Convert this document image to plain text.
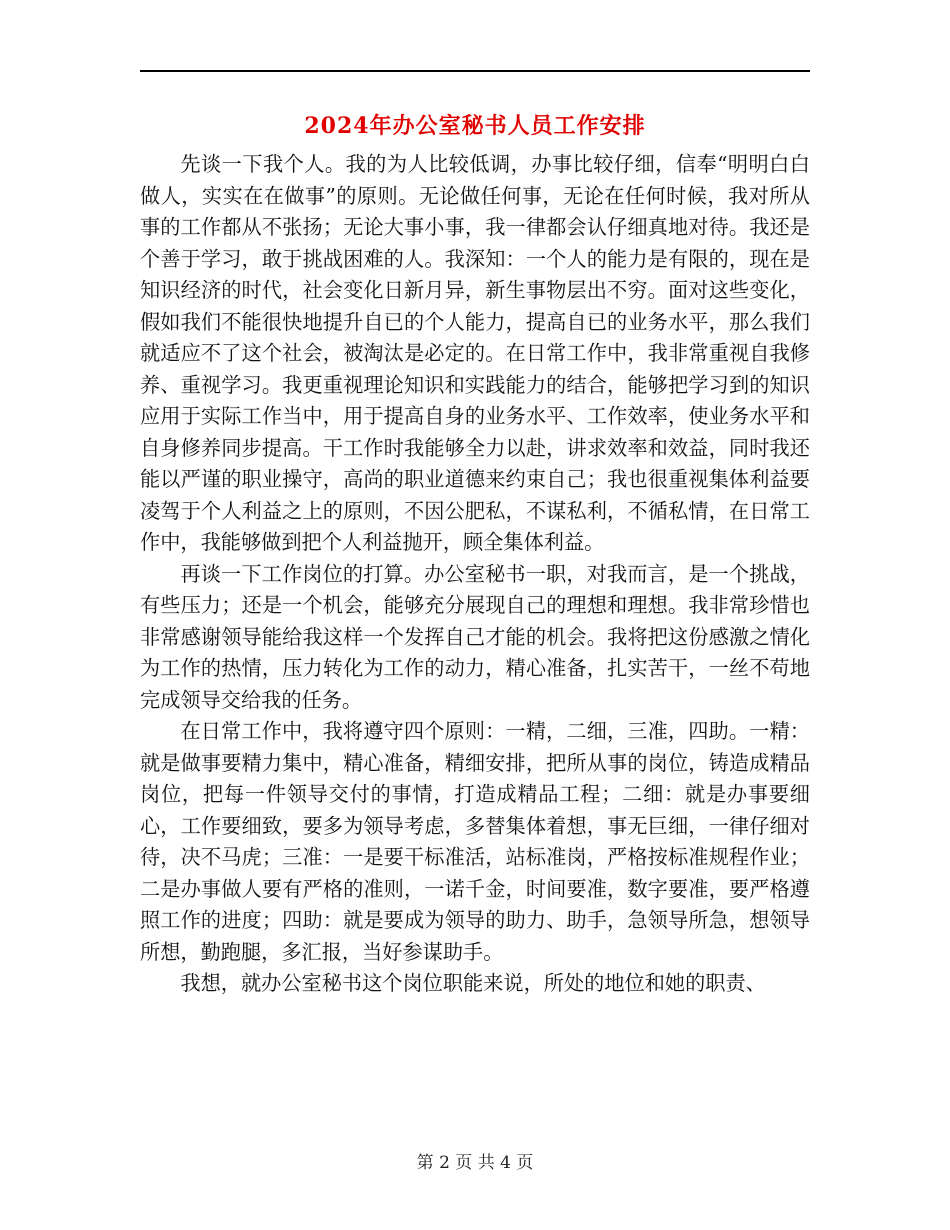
2024年办公室秘书人员工作安排

先谈一下我个人。我的为人比较低调，办事比较仔细，信奉“明明白白做人，实实在在做事”的原则。无论做任何事，无论在任何时候，我对所从事的工作都从不张扬；无论大事小事，我一律都会认仔细真地对待。我还是个善于学习，敢于挑战困难的人。我深知：一个人的能力是有限的，现在是知识经济的时代，社会变化日新月异，新生事物层出不穷。面对这些变化，假如我们不能很快地提升自已的个人能力，提高自已的业务水平，那么我们就适应不了这个社会，被淘汰是必定的。在日常工作中，我非常重视自我修养、重视学习。我更重视理论知识和实践能力的结合，能够把学习到的知识应用于实际工作当中，用于提高自身的业务水平、工作效率，使业务水平和自身修养同步提高。干工作时我能够全力以赴，讲求效率和效益，同时我还能以严谨的职业操守，高尚的职业道德来约束自己；我也很重视集体利益要凌驾于个人利益之上的原则，不因公肥私，不谋私利，不循私情，在日常工作中，我能够做到把个人利益抛开，顾全集体利益。

再谈一下工作岗位的打算。办公室秘书一职，对我而言，是一个挑战，有些压力；还是一个机会，能够充分展现自己的理想和理想。我非常珍惜也非常感谢领导能给我这样一个发挥自己才能的机会。我将把这份感激之情化为工作的热情，压力转化为工作的动力，精心准备，扎实苦干，一丝不苟地完成领导交给我的任务。

在日常工作中，我将遵守四个原则：一精，二细，三准，四助。一精：就是做事要精力集中，精心准备，精细安排，把所从事的岗位，铸造成精品岗位，把每一件领导交付的事情，打造成精品工程；二细：就是办事要细心，工作要细致，要多为领导考虑，多替集体着想，事无巨细，一律仔细对待，决不马虎；三准：一是要干标准活，站标准岗，严格按标准规程作业；二是办事做人要有严格的准则，一诺千金，时间要准，数字要准，要严格遵照工作的进度；四助：就是要成为领导的助力、助手，急领导所急，想领导所想，勤跑腿，多汇报，当好参谋助手。

我想，就办公室秘书这个岗位职能来说，所处的地位和她的职责、

第 2 页 共 4 页
